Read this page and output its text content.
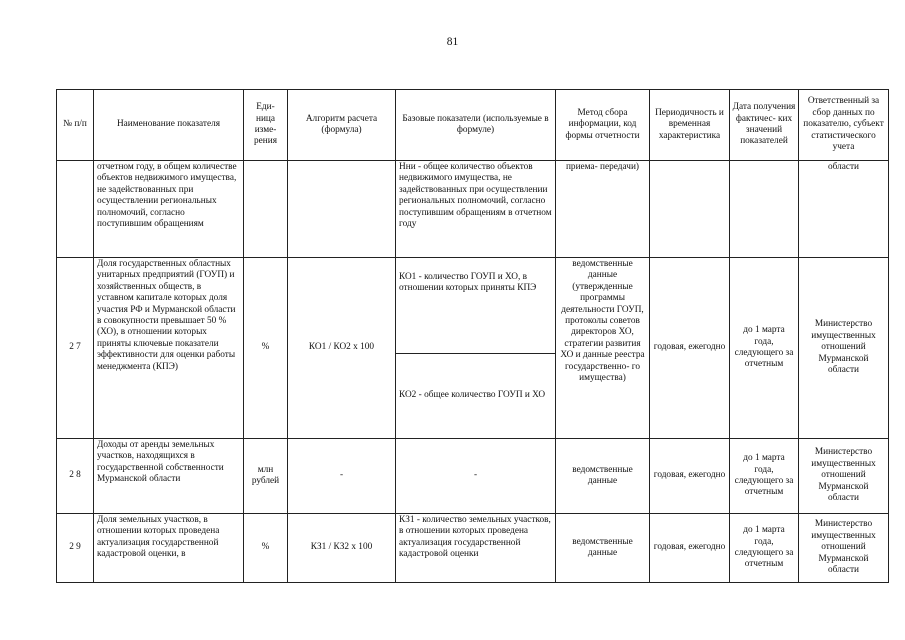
81
№ п/п	Наименование показателя	Еди- ница изме- рения	Алгоритм расчета (формула)	Базовые показатели (используемые в формуле)	Метод сбора информации, код формы отчетности	Периодичность и временная характеристика	Дата получения фактичес- ких значений показателей	Ответственный за сбор данных по показателю, субъект статистического учета
	отчетном году, в общем количестве объектов недвижимого имущества, не задействованных при осуществлении региональных полномочий, согласно поступившим обращениям			Нни - общее количество объектов недвижимого имущества, не задействованных при осуществлении региональных полномочий, согласно поступившим обращениям в отчетном году	приема- передачи)			области
2 7	Доля государственных областных унитарных предприятий (ГОУП) и хозяйственных обществ, в уставном капитале которых доля участия РФ и Мурманской области в совокупности превышает 50 % (ХО), в отношении которых приняты ключевые показатели эффективности для оценки работы менеджмента (КПЭ)	%	КО1 / КО2 х 100	КО1 - количество ГОУП и ХО, в отношении которых приняты КПЭ	ведомственные данные (утвержденные программы деятельности ГОУП, протоколы советов директоров ХО, стратегии развития ХО и данные реестра государственно- го имущества)	годовая, ежегодно	до 1 марта года, следующего за отчетным	Министерство имущественных отношений Мурманской области
				КО2 - общее количество ГОУП и ХО				
2 8	Доходы от аренды земельных участков, находящихся в государственной собственности Мурманской области	млн рублей	-	-	ведомственные данные	годовая, ежегодно	до 1 марта года, следующего за отчетным	Министерство имущественных отношений Мурманской области
2 9	Доля земельных участков, в отношении которых проведена актуализация государственной кадастровой оценки, в	%	КЗ1 / КЗ2 х 100	КЗ1 - количество земельных участков, в отношении которых проведена актуализация государственной кадастровой оценки	ведомственные данные	годовая, ежегодно	до 1 марта года, следующего за отчетным	Министерство имущественных отношений Мурманской области
